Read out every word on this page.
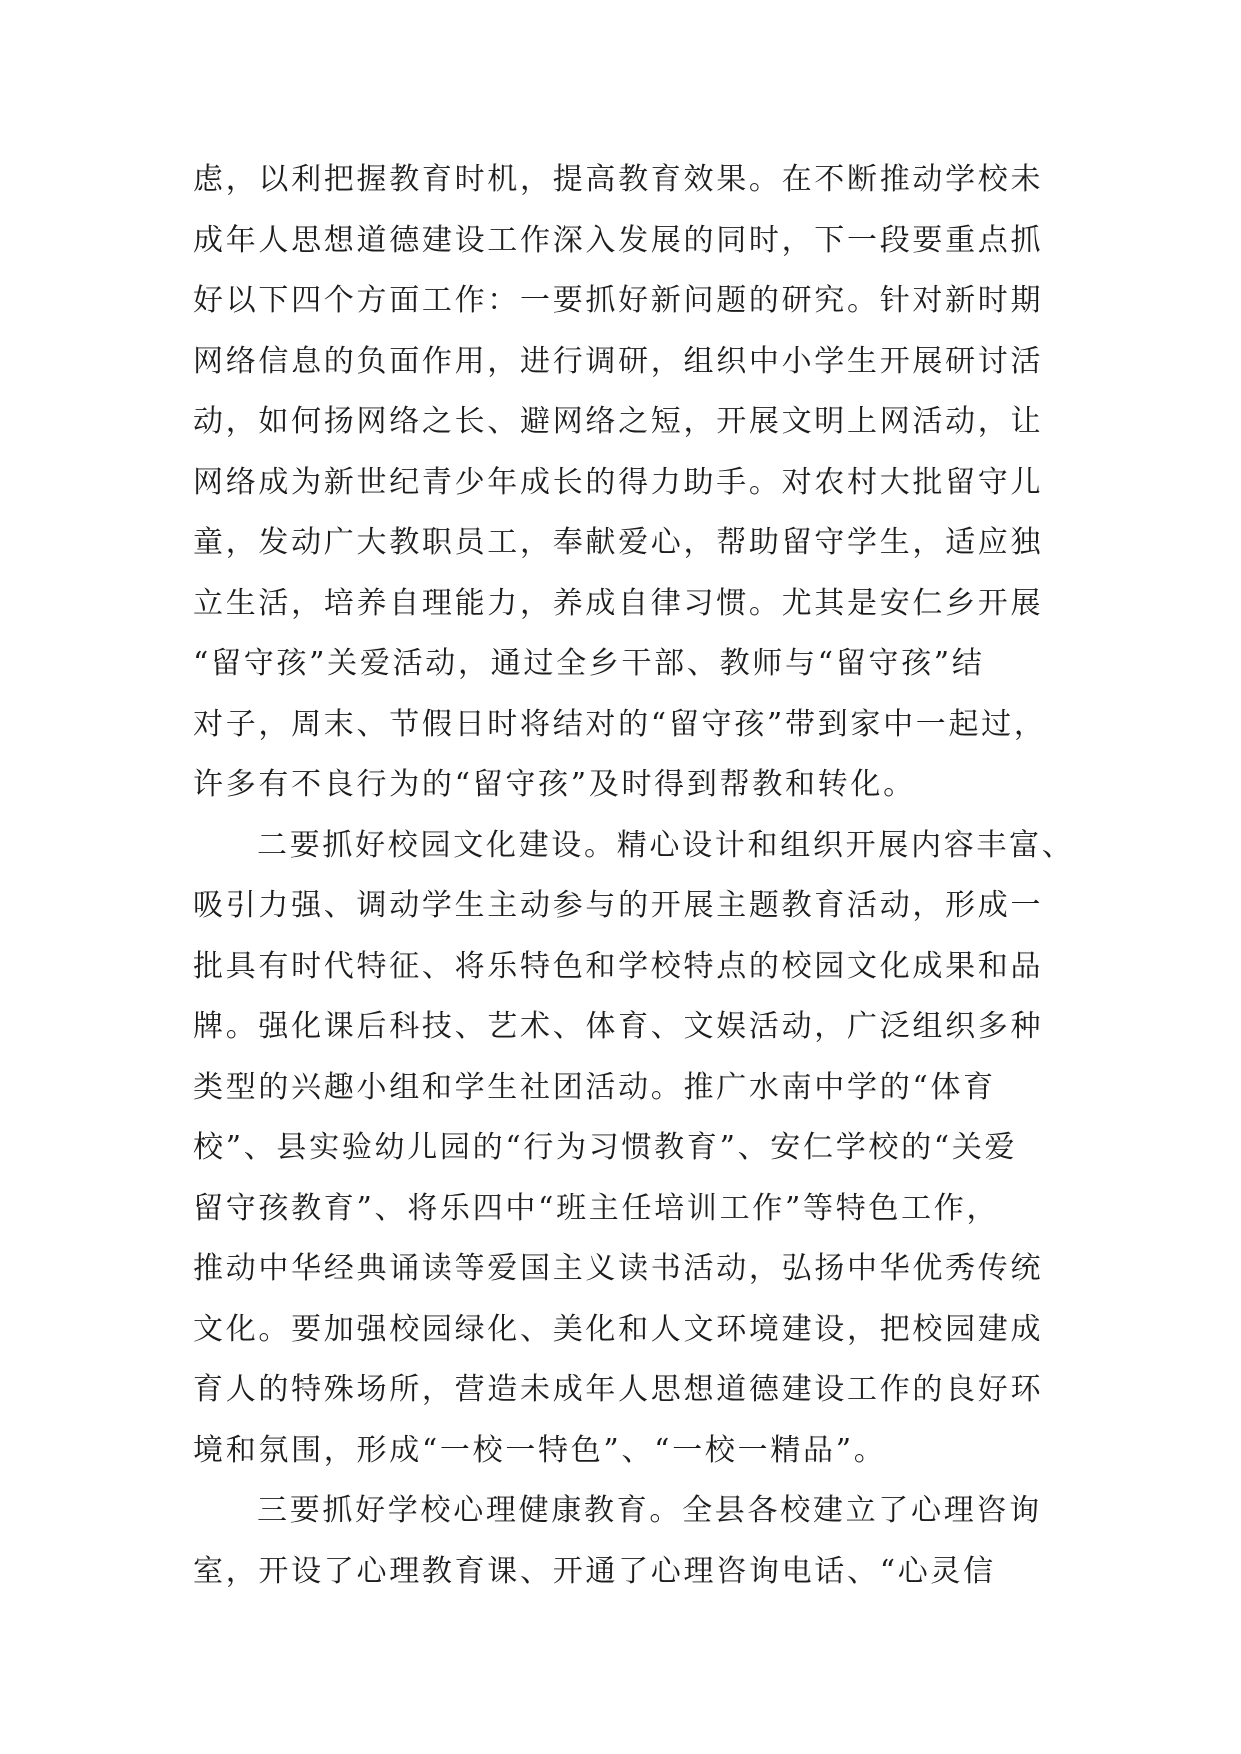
虑，以利把握教育时机，提高教育效果。在不断推动学校未
成年人思想道德建设工作深入发展的同时，下一段要重点抓
好以下四个方面工作：一要抓好新问题的研究。针对新时期
网络信息的负面作用，进行调研，组织中小学生开展研讨活
动，如何扬网络之长、避网络之短，开展文明上网活动，让
网络成为新世纪青少年成长的得力助手。对农村大批留守儿
童，发动广大教职员工，奉献爱心，帮助留守学生，适应独
立生活，培养自理能力，养成自律习惯。尤其是安仁乡开展
“留守孩”关爱活动，通过全乡干部、教师与“留守孩”结
对子，周末、节假日时将结对的“留守孩”带到家中一起过，
许多有不良行为的“留守孩”及时得到帮教和转化。
二要抓好校园文化建设。精心设计和组织开展内容丰富、
吸引力强、调动学生主动参与的开展主题教育活动，形成一
批具有时代特征、将乐特色和学校特点的校园文化成果和品
牌。强化课后科技、艺术、体育、文娱活动，广泛组织多种
类型的兴趣小组和学生社团活动。推广水南中学的“体育
校”、县实验幼儿园的“行为习惯教育”、安仁学校的“关爱
留守孩教育”、将乐四中“班主任培训工作”等特色工作，
推动中华经典诵读等爱国主义读书活动，弘扬中华优秀传统
文化。要加强校园绿化、美化和人文环境建设，把校园建成
育人的特殊场所，营造未成年人思想道德建设工作的良好环
境和氛围，形成“一校一特色”、“一校一精品”。
三要抓好学校心理健康教育。全县各校建立了心理咨询
室，开设了心理教育课、开通了心理咨询电话、“心灵信
